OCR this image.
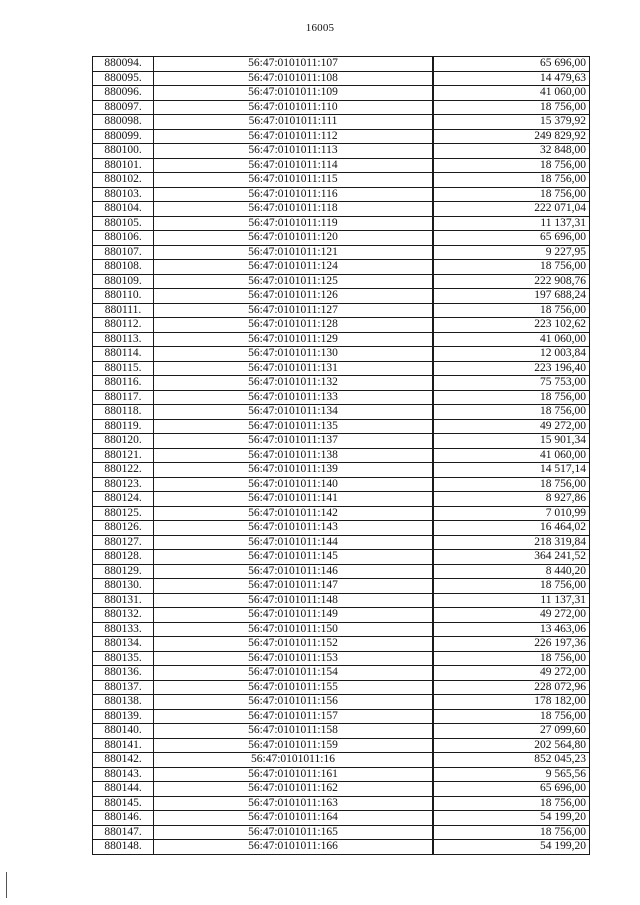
16005
880094.	56:47:0101011:107	65 696,00
880095.	56:47:0101011:108	14 479,63
880096.	56:47:0101011:109	41 060,00
880097.	56:47:0101011:110	18 756,00
880098.	56:47:0101011:111	15 379,92
880099.	56:47:0101011:112	249 829,92
880100.	56:47:0101011:113	32 848,00
880101.	56:47:0101011:114	18 756,00
880102.	56:47:0101011:115	18 756,00
880103.	56:47:0101011:116	18 756,00
880104.	56:47:0101011:118	222 071,04
880105.	56:47:0101011:119	11 137,31
880106.	56:47:0101011:120	65 696,00
880107.	56:47:0101011:121	9 227,95
880108.	56:47:0101011:124	18 756,00
880109.	56:47:0101011:125	222 908,76
880110.	56:47:0101011:126	197 688,24
880111.	56:47:0101011:127	18 756,00
880112.	56:47:0101011:128	223 102,62
880113.	56:47:0101011:129	41 060,00
880114.	56:47:0101011:130	12 003,84
880115.	56:47:0101011:131	223 196,40
880116.	56:47:0101011:132	75 753,00
880117.	56:47:0101011:133	18 756,00
880118.	56:47:0101011:134	18 756,00
880119.	56:47:0101011:135	49 272,00
880120.	56:47:0101011:137	15 901,34
880121.	56:47:0101011:138	41 060,00
880122.	56:47:0101011:139	14 517,14
880123.	56:47:0101011:140	18 756,00
880124.	56:47:0101011:141	8 927,86
880125.	56:47:0101011:142	7 010,99
880126.	56:47:0101011:143	16 464,02
880127.	56:47:0101011:144	218 319,84
880128.	56:47:0101011:145	364 241,52
880129.	56:47:0101011:146	8 440,20
880130.	56:47:0101011:147	18 756,00
880131.	56:47:0101011:148	11 137,31
880132.	56:47:0101011:149	49 272,00
880133.	56:47:0101011:150	13 463,06
880134.	56:47:0101011:152	226 197,36
880135.	56:47:0101011:153	18 756,00
880136.	56:47:0101011:154	49 272,00
880137.	56:47:0101011:155	228 072,96
880138.	56:47:0101011:156	178 182,00
880139.	56:47:0101011:157	18 756,00
880140.	56:47:0101011:158	27 099,60
880141.	56:47:0101011:159	202 564,80
880142.	56:47:0101011:16	852 045,23
880143.	56:47:0101011:161	9 565,56
880144.	56:47:0101011:162	65 696,00
880145.	56:47:0101011:163	18 756,00
880146.	56:47:0101011:164	54 199,20
880147.	56:47:0101011:165	18 756,00
880148.	56:47:0101011:166	54 199,20
